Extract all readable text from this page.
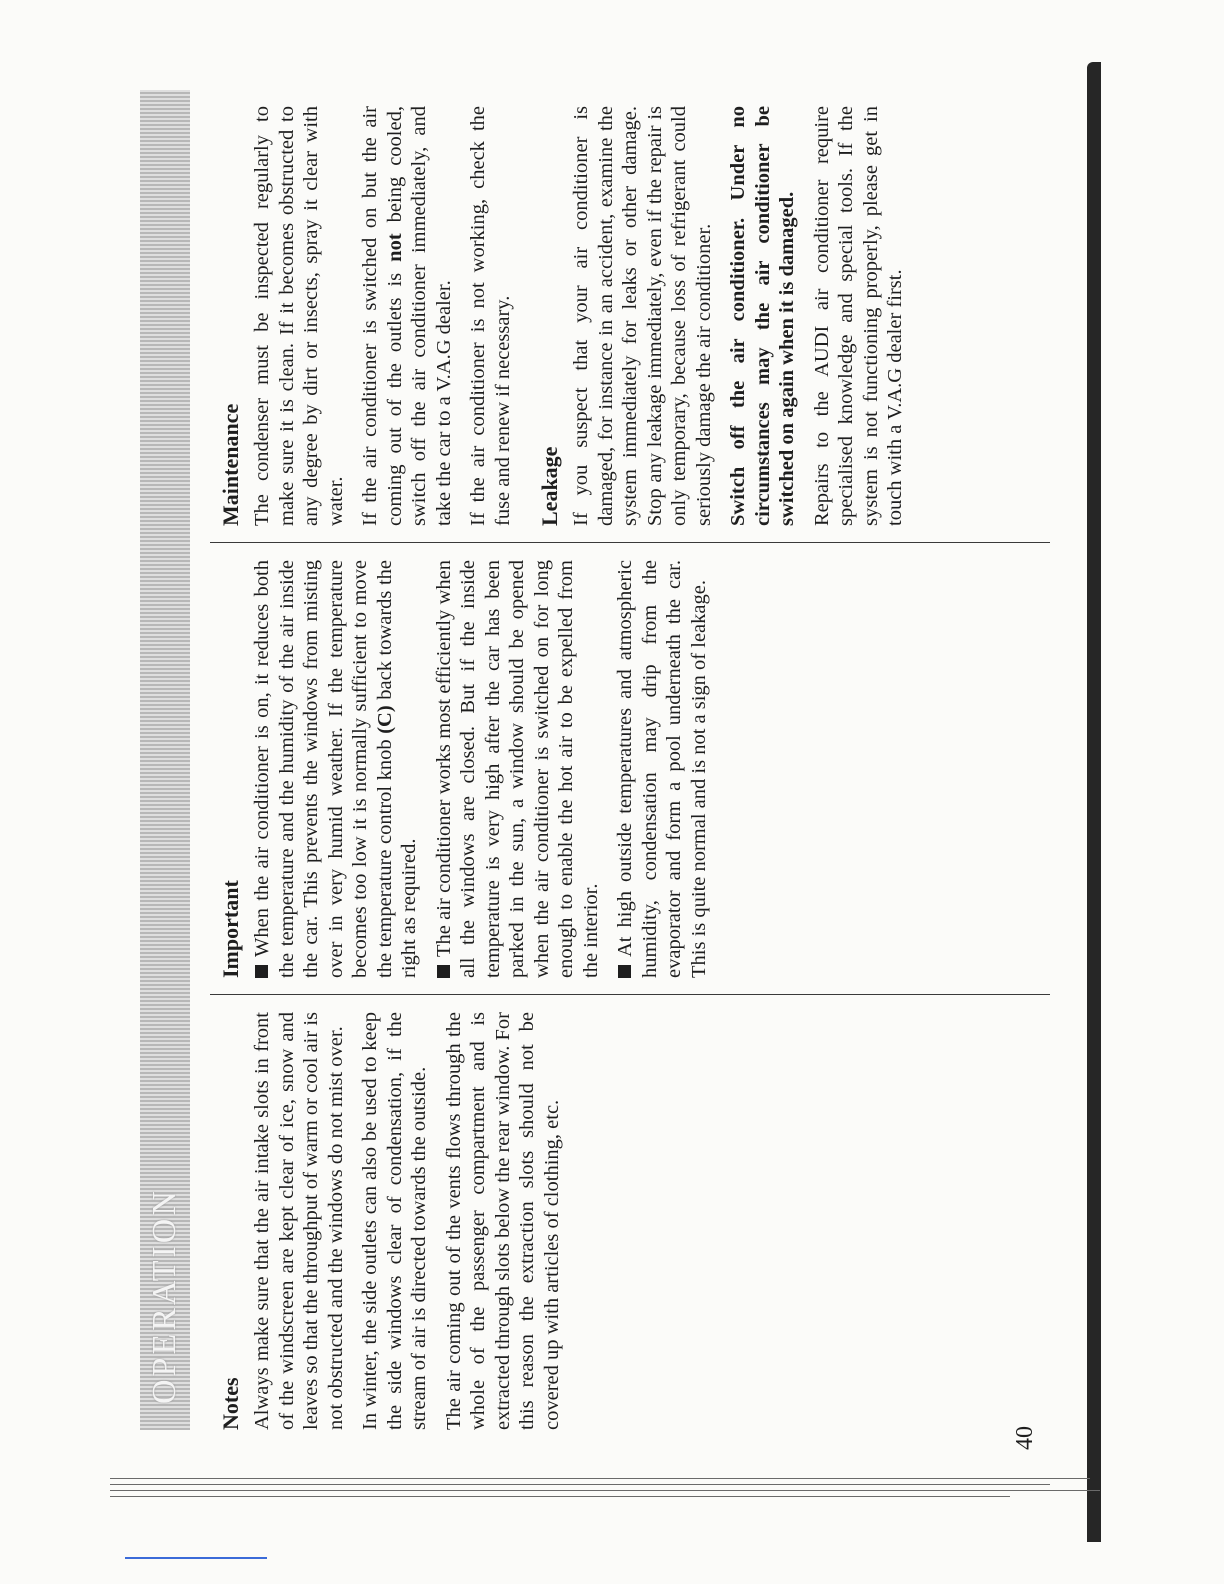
OPERATION Notes Always make sure that the air intake slots in front of the windscreen are kept clear of ice, snow and leaves so that the throughput of warm or cool air is not obstructed and the windows do not mist over. In winter, the side outlets can also be used to keep the side windows clear of condensation, if the stream of air is directed towards the outside. The air coming out of the vents flows through the whole of the passenger compartment and is extracted through slots below the rear window. For this reason the extraction slots should not be covered up with articles of clothing, etc.

Important When the air conditioner is on, it reduces both the temperature and the humidity of the air inside the car. This prevents the windows from misting over in very humid weather. If the temperature becomes too low it is normally sufficient to move the temperature control knob (C) back towards the right as required. The air conditioner works most efficiently when all the windows are closed. But if the inside temperature is very high after the car has been parked in the sun, a window should be opened when the air conditioner is switched on for long enough to enable the hot air to be expelled from the interior. At high outside temperatures and atmospheric humidity, condensation may drip from the evaporator and form a pool underneath the car. This is quite normal and is not a sign of leakage.

Maintenance The condenser must be inspected regularly to make sure it is clean. If it becomes obstructed to any degree by dirt or insects, spray it clear with water. If the air conditioner is switched on but the air coming out of the outlets is not being cooled, switch off the air conditioner immediately, and take the car to a V.A.G dealer. If the air conditioner is not working, check the fuse and renew if necessary. Leakage If you suspect that your air conditioner is damaged, for instance in an accident, examine the system immediately for leaks or other damage. Stop any leakage immediately, even if the repair is only temporary, because loss of refrigerant could seriously damage the air conditioner. Switch off the air conditioner. Under no circumstances may the air conditioner be switched on again when it is damaged. Repairs to the AUDI air conditioner require specialised knowledge and special tools. If the system is not functioning properly, please get in touch with a V.A.G dealer first.

40
